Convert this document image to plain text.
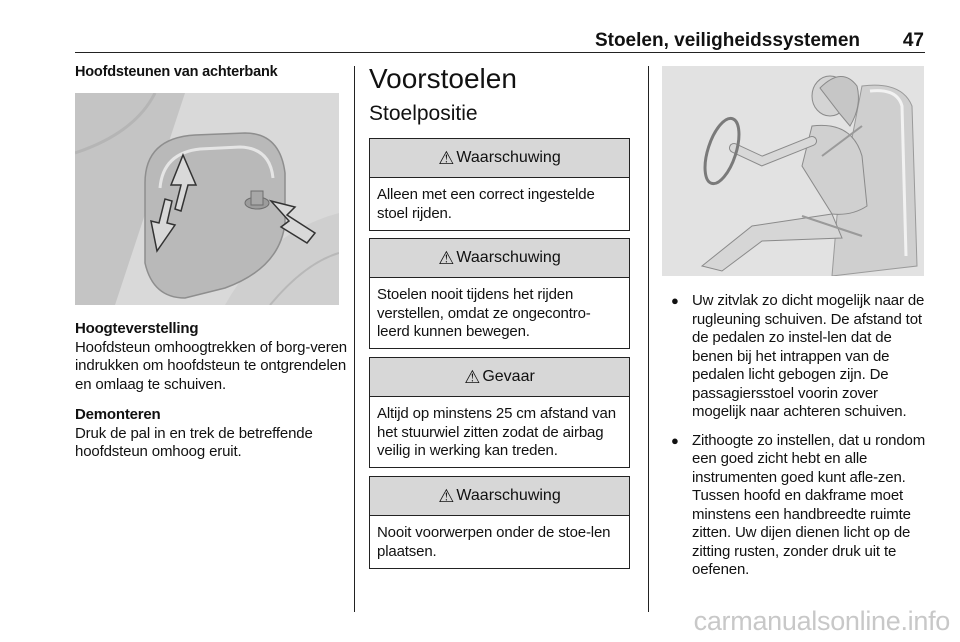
Stoelen, veiligheidssystemen	47

Hoofdsteunen van achterbank

Hoogteverstelling

Hoofdsteun omhoogtrekken of borg-veren indrukken om hoofdsteun te ontgrendelen en omlaag te schuiven.

Demonteren

Druk de pal in en trek de betreffende hoofdsteun omhoog eruit.

Voorstoelen
Stoelpositie
⚠ Waarschuwing
Alleen met een correct ingestelde stoel rijden.
⚠ Waarschuwing
Stoelen nooit tijdens het rijden verstellen, omdat ze ongecontro-leerd kunnen bewegen.
⚠ Gevaar
Altijd op minstens 25 cm afstand van het stuurwiel zitten zodat de airbag veilig in werking kan treden.
⚠ Waarschuwing
Nooit voorwerpen onder de stoe-len plaatsen.
● Uw zitvlak zo dicht mogelijk naar de rugleuning schuiven. De afstand tot de pedalen zo instel-len dat de benen bij het intrappen van de pedalen licht gebogen zijn. De passagiersstoel voorin zover mogelijk naar achteren schuiven.
● Zithoogte zo instellen, dat u rondom een goed zicht hebt en alle instrumenten goed kunt afle-zen. Tussen hoofd en dakframe moet minstens een handbreedte ruimte zitten. Uw dijen dienen licht op de zitting rusten, zonder druk uit te oefenen.
carmanualsonline.info
